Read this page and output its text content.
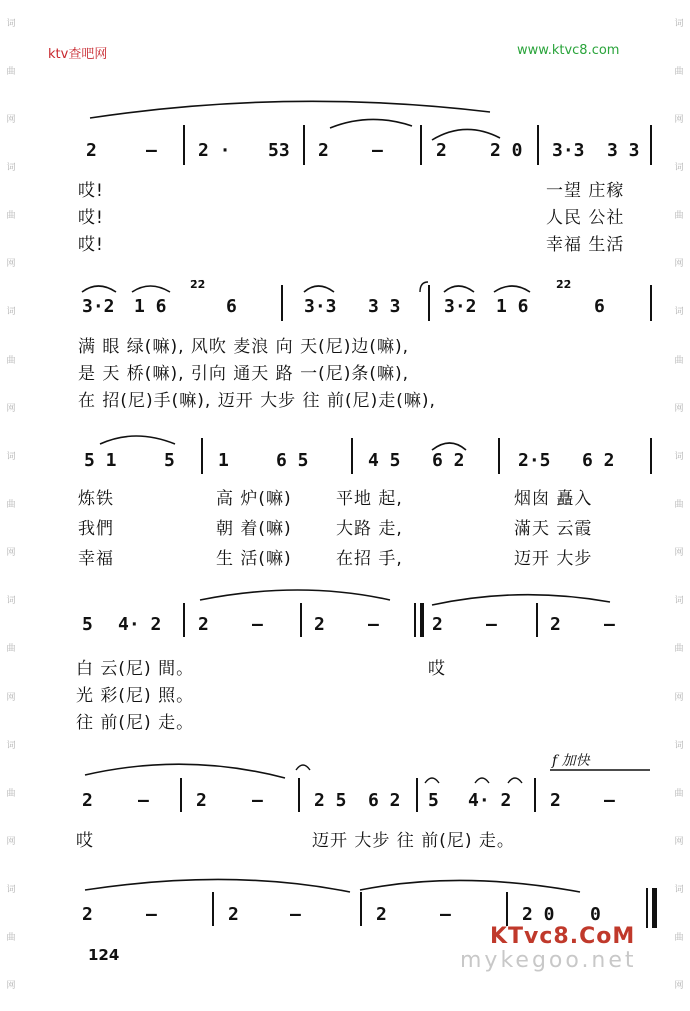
词
曲
网
词
曲
网
词
曲
网
词
曲
网
词
曲
网
词
曲
网
词
曲
网
词
曲
网
词
曲
网
词
曲
网
词
曲
网
词
曲
网
词
曲
网
词
曲
网
ktv查吧网	www.ktvc8.com
2	– 2 · 53 2 –	2 2 0 3·3 3 3
哎!	一望 庄稼
哎!	人民 公社
哎!	幸福 生活
3·2 1 6
2̇2̇
6	3·3 3 3 3·2 1 6
2̇2̇
6
满 眼 绿(嘛), 风吹 麦浪 向 天(尼)边(嘛),
是 天 桥(嘛), 引向 通天 路 一(尼)条(嘛),
在 招(尼)手(嘛), 迈开 大步 往 前(尼)走(嘛),
5 1	5 1	6 5	4 5 6 2	2·5 6 2
炼铁	高 炉(嘛)	平地 起,	烟囱 矗入
我們	朝 着(嘛)	大路 走,	滿天 云霞
幸福	生 活(嘛)	在招 手,	迈开 大步
5 4· 2 2 –	2 –	2 –	2 –
白 云(尼) 間。	哎
光 彩(尼) 照。
往 前(尼) 走。
f 加快
2	–	2	–	2 5 6 2 5 4· 2 2 –
哎	迈开 大步 往 前(尼) 走。
2	–	2	–	2	–	2 0 0
124	mykegoo.net
KTvc8.CoM
